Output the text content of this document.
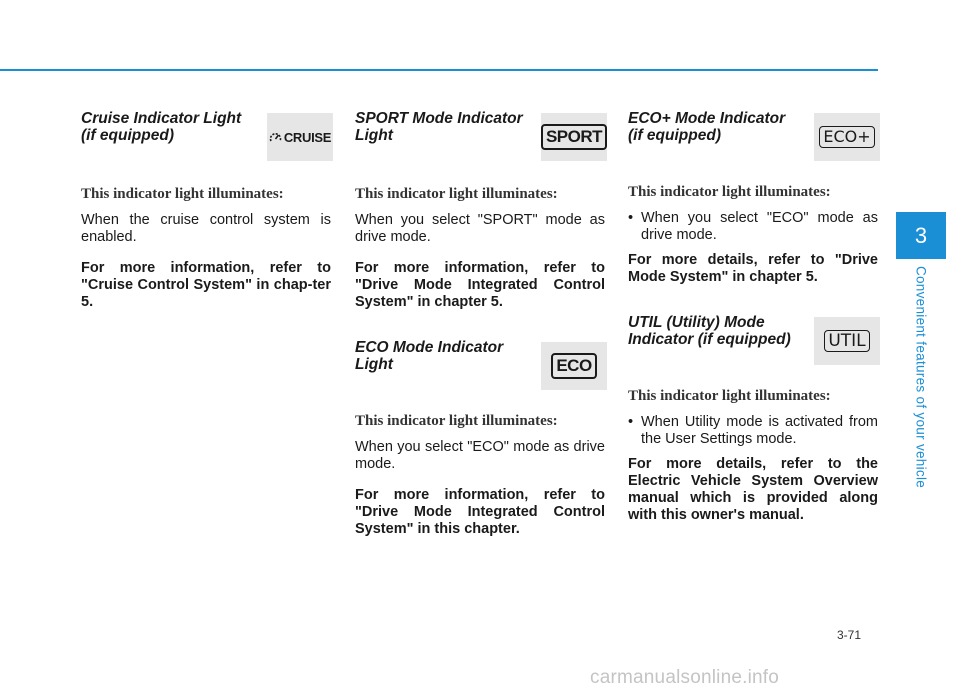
Cruise Indicator Light
(if equipped)	CRUISE

This indicator light illuminates:

When the cruise control system is enabled.

For more information, refer to "Cruise Control System" in chap-ter 5.

SPORT Mode Indicator
Light	SPORT

This indicator light illuminates:

When you select "SPORT" mode as drive mode.

For more information, refer to "Drive Mode Integrated Control System" in chapter 5.

ECO Mode Indicator
Light	ECO

This indicator light illuminates:

When you select "ECO" mode as drive mode.

For more information, refer to "Drive Mode Integrated Control System" in this chapter.

ECO+ Mode Indicator
(if equipped)	ECO+

This indicator light illuminates:

• When you select "ECO" mode as drive mode.

For more details, refer to "Drive Mode System" in chapter 5.

UTIL (Utility) Mode
Indicator (if equipped)	UTIL

This indicator light illuminates:

• When Utility mode is activated from the User Settings mode.

For more details, refer to the Electric Vehicle System Overview manual which is provided along with this owner's manual.

3
Convenient features of your vehicle
3-71
carmanualsonline.info
